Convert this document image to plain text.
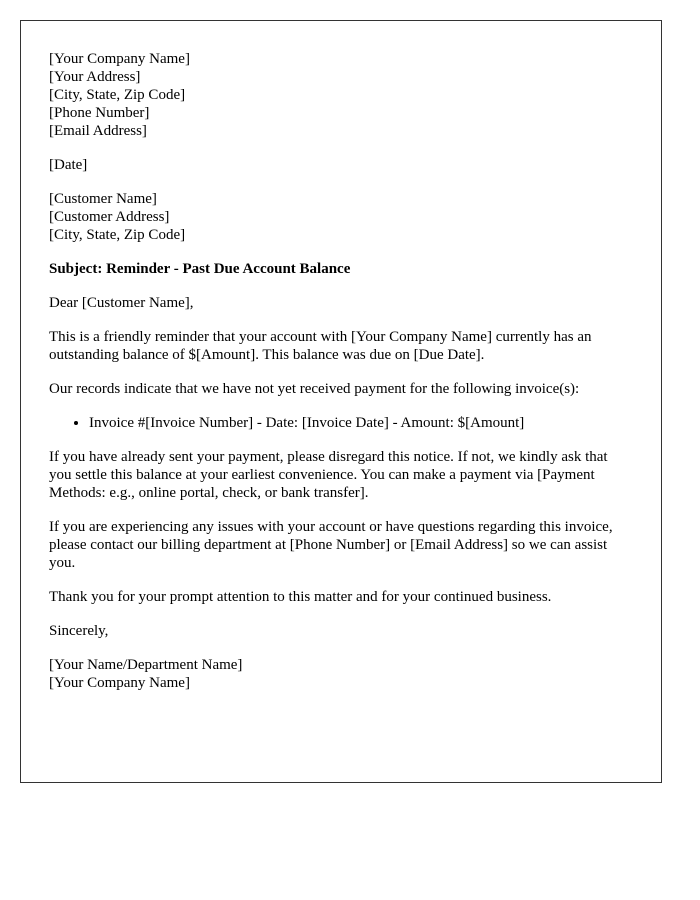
[Your Company Name]
[Your Address]
[City, State, Zip Code]
[Phone Number]
[Email Address]

[Date]

[Customer Name]
[Customer Address]
[City, State, Zip Code]

Subject: Reminder - Past Due Account Balance

Dear [Customer Name],

This is a friendly reminder that your account with [Your Company Name] currently has an outstanding balance of $[Amount]. This balance was due on [Due Date].

Our records indicate that we have not yet received payment for the following invoice(s):

• Invoice #[Invoice Number] - Date: [Invoice Date] - Amount: $[Amount]

If you have already sent your payment, please disregard this notice. If not, we kindly ask that you settle this balance at your earliest convenience. You can make a payment via [Payment Methods: e.g., online portal, check, or bank transfer].

If you are experiencing any issues with your account or have questions regarding this invoice, please contact our billing department at [Phone Number] or [Email Address] so we can assist you.

Thank you for your prompt attention to this matter and for your continued business.

Sincerely,

[Your Name/Department Name]
[Your Company Name]
